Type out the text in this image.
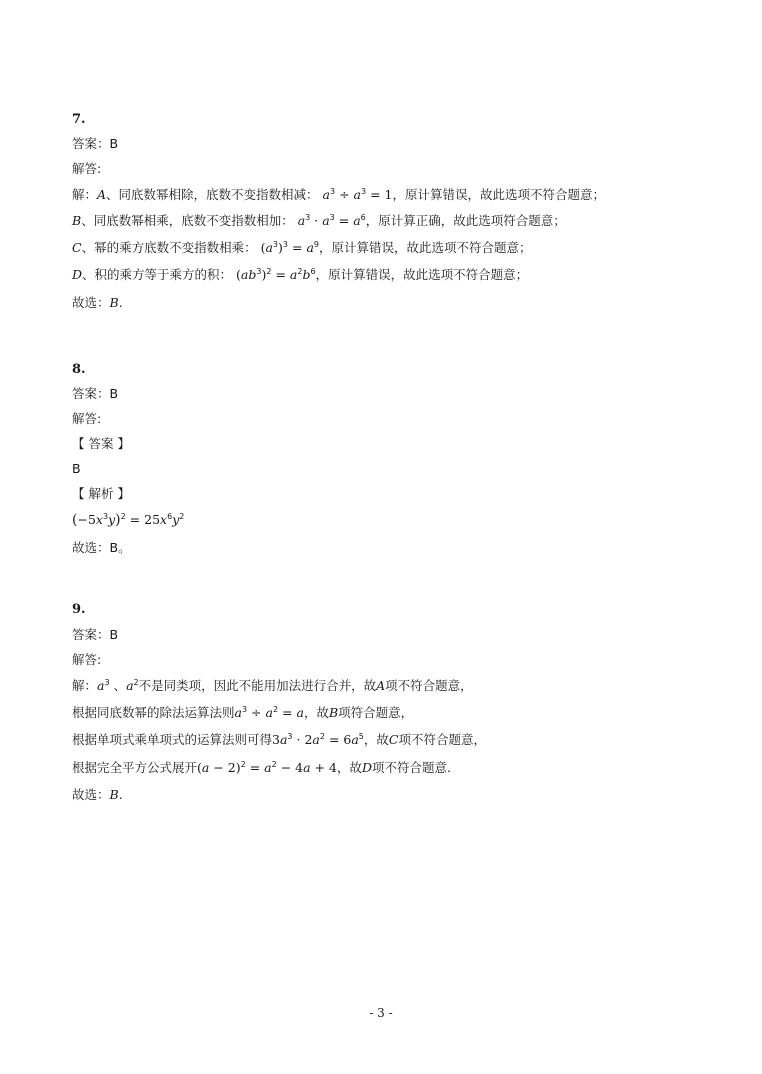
7.
答案：B
解答:
解：A、同底数幂相除，底数不变指数相减： $a^3 \div a^3 = 1$，原计算错误，故此选项不符合题意；
B、同底数幂相乘，底数不变指数相加： $a^3 \cdot a^3 = a^6$，原计算正确，故此选项符合题意；
C、幂的乘方底数不变指数相乘： $(a^3)^3 = a^9$，原计算错误，故此选项不符合题意；
D、积的乘方等于乘方的积： $(ab^3)^2 = a^2b^6$，原计算错误，故此选项不符合题意；
故选：B.
8.
答案：B
解答:
【 答案 】
B
【 解析 】
$(-5x^3y)^2 = 25x^6y^2$
故选：B。
9.
答案：B
解答:
解：$a^3$ 、$a^2$不是同类项，因此不能用加法进行合并，故A项不符合题意，
根据同底数幂的除法运算法则$a^3 \div a^2 = a$，故B项符合题意，
根据单项式乘单项式的运算法则可得$3a^3 \cdot 2a^2 = 6a^5$，故C项不符合题意，
根据完全平方公式展开$(a - 2)^2 = a^2 - 4a + 4$，故D项不符合题意.
故选：B.
- 3 -
